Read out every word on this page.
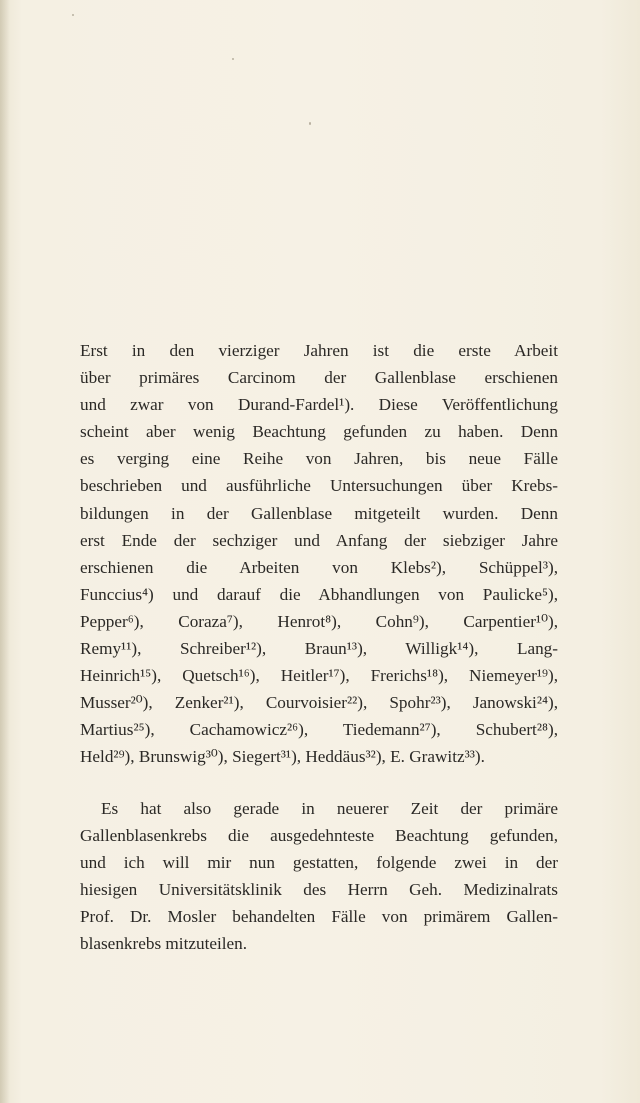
Erst in den vierziger Jahren ist die erste Arbeit
über primäres Carcinom der Gallenblase erschienen
und zwar von Durand-Fardel¹). Diese Veröffentlichung
scheint aber wenig Beachtung gefunden zu haben. Denn
es verging eine Reihe von Jahren, bis neue Fälle
beschrieben und ausführliche Untersuchungen über Krebs-
bildungen in der Gallenblase mitgeteilt wurden. Denn
erst Ende der sechziger und Anfang der siebziger Jahre
erschienen die Arbeiten von Klebs²), Schüppel³),
Funccius⁴) und darauf die Abhandlungen von Paulicke⁵),
Pepper⁶), Coraza⁷), Henrot⁸), Cohn⁹), Carpentier¹⁰),
Remy¹¹), Schreiber¹²), Braun¹³), Willigk¹⁴), Lang-
Heinrich¹⁵), Quetsch¹⁶), Heitler¹⁷), Frerichs¹⁸), Niemeyer¹⁹),
Musser²⁰), Zenker²¹), Courvoisier²²), Spohr²³), Janowski²⁴),
Martius²⁵), Cachamowicz²⁶), Tiedemann²⁷), Schubert²⁸),
Held²⁹), Brunswig³⁰), Siegert³¹), Heddäus³²), E. Grawitz³³).
Es hat also gerade in neuerer Zeit der primäre
Gallenblasenkrebs die ausgedehnteste Beachtung gefunden,
und ich will mir nun gestatten, folgende zwei in der
hiesigen Universitätsklinik des Herrn Geh. Medizinalrats
Prof. Dr. Mosler behandelten Fälle von primärem Gallen-
blasenkrebs mitzuteilen.
